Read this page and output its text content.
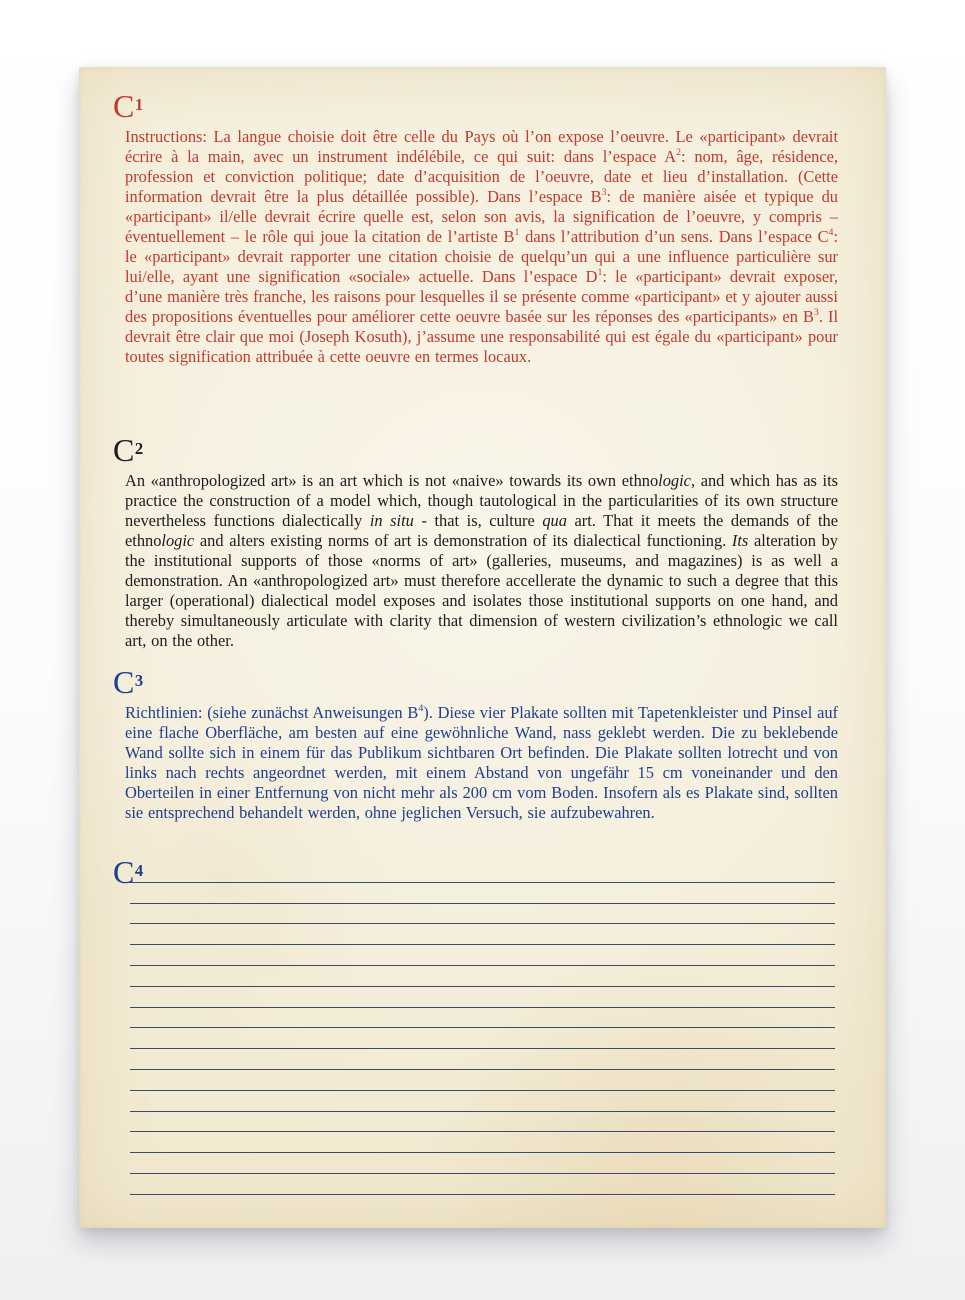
$C^1$

Instructions: La langue choisie doit être celle du Pays où l’on expose l’oeuvre. Le «participant» devrait écrire à la main, avec un instrument indélébile, ce qui suit: dans l’espace $A^2$: nom, âge, résidence, profession et conviction politique; date d’acquisition de l’oeuvre, date et lieu d’installation. (Cette information devrait être la plus détaillée possible). Dans l’espace $B^3$: de manière aisée et typique du «participant» il/elle devrait écrire quelle est, selon son avis, la signification de l’oeuvre, y compris – éventuellement – le rôle qui joue la citation de l’artiste $B^1$ dans l’attribution d’un sens. Dans l’espace $C^4$: le «participant» devrait rapporter une citation choisie de quelqu’un qui a une influence particulière sur lui/elle, ayant une signification «sociale» actuelle. Dans l’espace $D^1$: le «participant» devrait exposer, d’une manière très franche, les raisons pour lesquelles il se présente comme «participant» et y ajouter aussi des propositions éventuelles pour améliorer cette oeuvre basée sur les réponses des «participants» en $B^3$. Il devrait être clair que moi (Joseph Kosuth), j’assume une responsabilité qui est égale du «participant» pour toutes signification attribuée à cette oeuvre en termes locaux.

$C^2$

An «anthropologized art» is an art which is not «naive» towards its own ethnologic, and which has as its practice the construction of a model which, though tautological in the particularities of its own structure nevertheless functions dialectically in situ - that is, culture qua art. That it meets the demands of the ethnologic and alters existing norms of art is demonstration of its dialectical functioning. Its alteration by the institutional supports of those «norms of art» (galleries, museums, and magazines) is as well a demonstration. An «anthropologized art» must therefore accellerate the dynamic to such a degree that this larger (operational) dialectical model exposes and isolates those institutional supports on one hand, and thereby simultaneously articulate with clarity that dimension of western civilization’s ethnologic we call art, on the other.

$C^3$

Richtlinien: (siehe zunächst Anweisungen $B^4$). Diese vier Plakate sollten mit Tapetenkleister und Pinsel auf eine flache Oberfläche, am besten auf eine gewöhnliche Wand, nass geklebt werden. Die zu beklebende Wand sollte sich in einem für das Publikum sichtbaren Ort befinden. Die Plakate sollten lotrecht und von links nach rechts angeordnet werden, mit einem Abstand von ungefähr 15 cm voneinander und den Oberteilen in einer Entfernung von nicht mehr als 200 cm vom Boden. Insofern als es Plakate sind, sollten sie entsprechend behandelt werden, ohne jeglichen Versuch, sie aufzubewahren.

$C^4$
